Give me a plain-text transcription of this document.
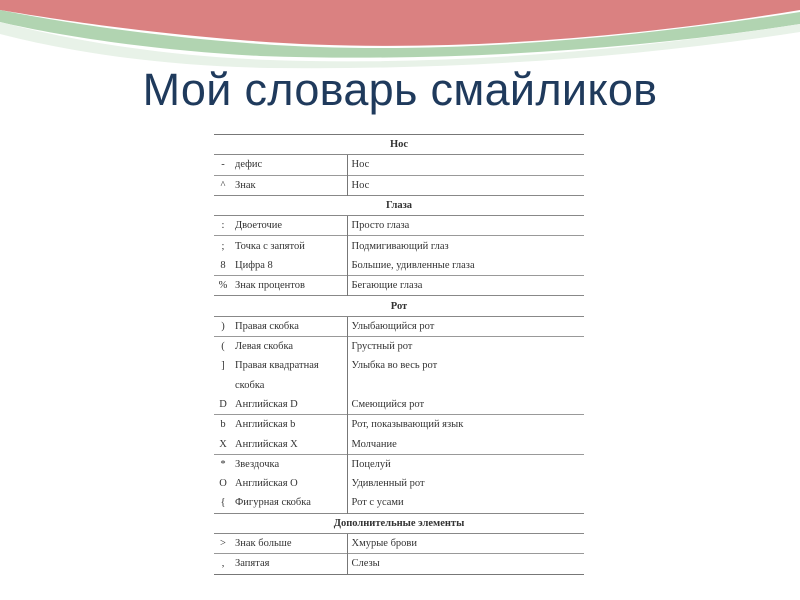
Мой словарь смайликов
Нос		
-	дефис	Нос
^	Знак	Нос
Глаза		
:	Двоеточие	Просто глаза
;	Точка с запятой	Подмигивающий глаз
8	Цифра 8	Большие, удивленные глаза
%	Знак процентов	Бегающие глаза
Рот		
)	Правая скобка	Улыбающийся рот
(	Левая скобка	Грустный рот
]	Правая квадратная	Улыбка во весь рот
	скобка	
D	Английская D	Смеющийся рот
b	Английская b	Рот, показывающий язык
X	Английская X	Молчание
*	Звездочка	Поцелуй
O	Английская O	Удивленный рот
{	Фигурная скобка	Рот с усами
Дополнительные элементы		
>	Знак больше	Хмурые брови
,	Запятая	Слезы
